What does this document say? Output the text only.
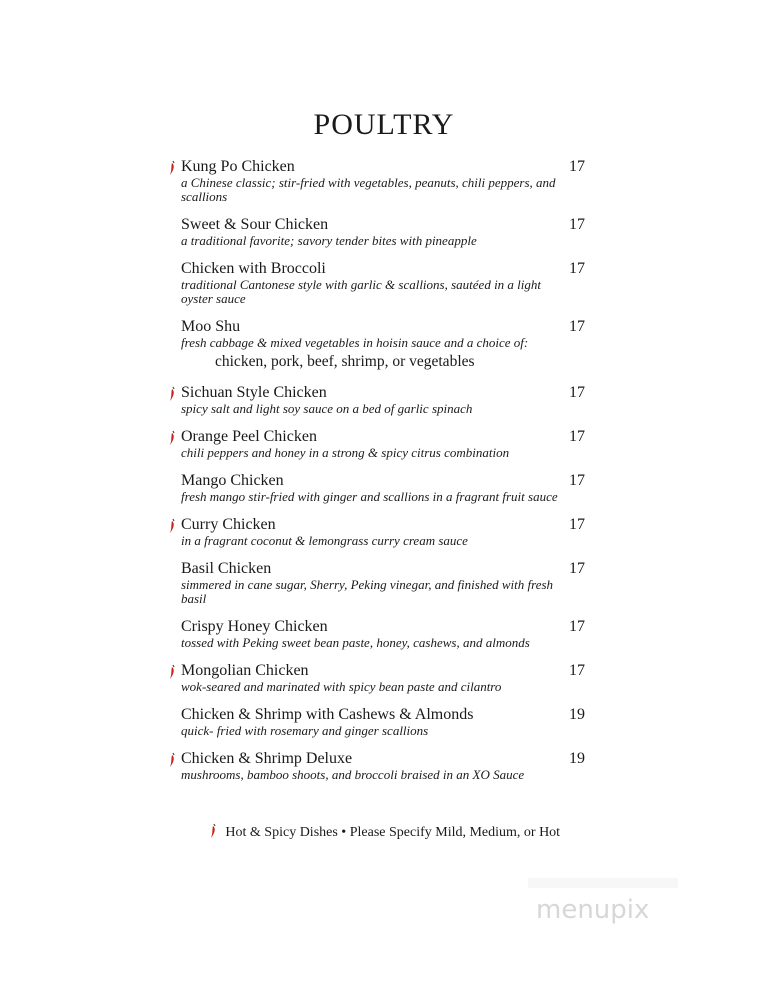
POULTRY
Kung Po Chicken	17
a Chinese classic; stir-fried with vegetables, peanuts, chili peppers, and scallions
Sweet & Sour Chicken	17
a traditional favorite; savory tender bites with pineapple
Chicken with Broccoli	17
traditional Cantonese style with garlic & scallions, sautéed in a light oyster sauce
Moo Shu	17
fresh cabbage & mixed vegetables in hoisin sauce and a choice of:
chicken, pork, beef, shrimp, or vegetables
Sichuan Style Chicken	17
spicy salt and light soy sauce on a bed of garlic spinach
Orange Peel Chicken	17
chili peppers and honey in a strong & spicy citrus combination
Mango Chicken	17
fresh mango stir-fried with ginger and scallions in a fragrant fruit sauce
Curry Chicken	17
in a fragrant coconut & lemongrass curry cream sauce
Basil Chicken	17
simmered in cane sugar, Sherry, Peking vinegar, and finished with fresh basil
Crispy Honey Chicken	17
tossed with Peking sweet bean paste, honey, cashews, and almonds
Mongolian Chicken	17
wok-seared and marinated with spicy bean paste and cilantro
Chicken & Shrimp with Cashews & Almonds	19
quick- fried with rosemary and ginger scallions
Chicken & Shrimp Deluxe	19
mushrooms, bamboo shoots, and broccoli braised in an XO Sauce
Hot & Spicy Dishes • Please Specify Mild, Medium, or Hot
menupix
